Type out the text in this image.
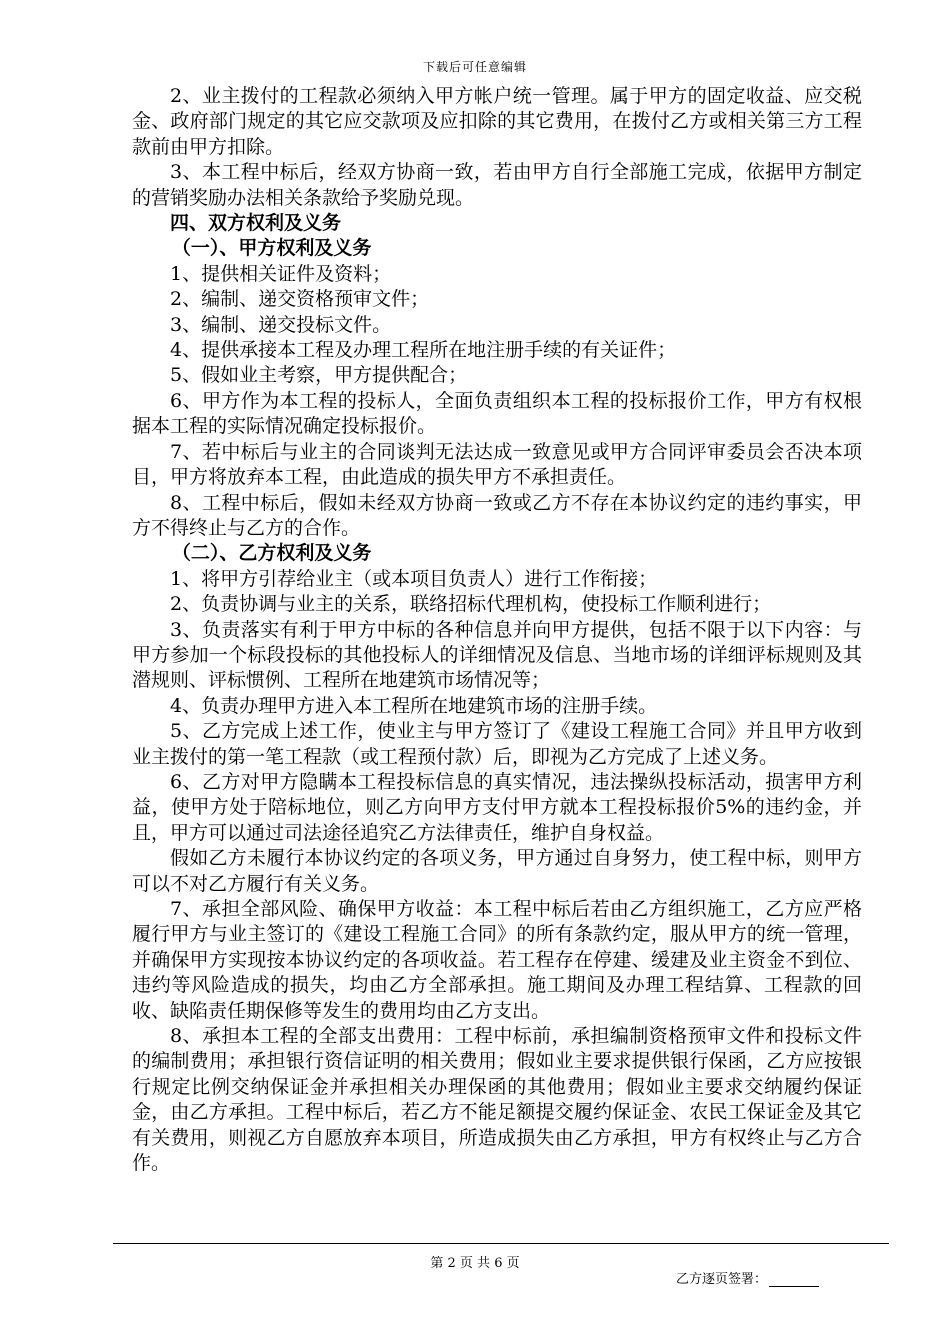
下载后可任意编辑

2、业主拨付的工程款必须纳入甲方帐户统一管理。属于甲方的固定收益、应交税金、政府部门规定的其它应交款项及应扣除的其它费用，在拨付乙方或相关第三方工程款前由甲方扣除。

3、本工程中标后，经双方协商一致，若由甲方自行全部施工完成，依据甲方制定的营销奖励办法相关条款给予奖励兑现。

四、双方权利及义务

（一）、甲方权利及义务

1、提供相关证件及资料；

2、编制、递交资格预审文件；

3、编制、递交投标文件。

4、提供承接本工程及办理工程所在地注册手续的有关证件；

5、假如业主考察，甲方提供配合；

6、甲方作为本工程的投标人，全面负责组织本工程的投标报价工作，甲方有权根据本工程的实际情况确定投标报价。

7、若中标后与业主的合同谈判无法达成一致意见或甲方合同评审委员会否决本项目，甲方将放弃本工程，由此造成的损失甲方不承担责任。

8、工程中标后，假如未经双方协商一致或乙方不存在本协议约定的违约事实，甲方不得终止与乙方的合作。

（二）、乙方权利及义务

1、将甲方引荐给业主（或本项目负责人）进行工作衔接；

2、负责协调与业主的关系，联络招标代理机构，使投标工作顺利进行；

3、负责落实有利于甲方中标的各种信息并向甲方提供，包括不限于以下内容：与甲方参加一个标段投标的其他投标人的详细情况及信息、当地市场的详细评标规则及其潜规则、评标惯例、工程所在地建筑市场情况等；

4、负责办理甲方进入本工程所在地建筑市场的注册手续。

5、乙方完成上述工作，使业主与甲方签订了《建设工程施工合同》并且甲方收到业主拨付的第一笔工程款（或工程预付款）后，即视为乙方完成了上述义务。

6、乙方对甲方隐瞒本工程投标信息的真实情况，违法操纵投标活动，损害甲方利益，使甲方处于陪标地位，则乙方向甲方支付甲方就本工程投标报价5%的违约金，并且，甲方可以通过司法途径追究乙方法律责任，维护自身权益。

假如乙方未履行本协议约定的各项义务，甲方通过自身努力，使工程中标，则甲方可以不对乙方履行有关义务。

7、承担全部风险、确保甲方收益：本工程中标后若由乙方组织施工，乙方应严格履行甲方与业主签订的《建设工程施工合同》的所有条款约定，服从甲方的统一管理，并确保甲方实现按本协议约定的各项收益。若工程存在停建、缓建及业主资金不到位、违约等风险造成的损失，均由乙方全部承担。施工期间及办理工程结算、工程款的回收、缺陷责任期保修等发生的费用均由乙方支出。

8、承担本工程的全部支出费用：工程中标前，承担编制资格预审文件和投标文件的编制费用；承担银行资信证明的相关费用；假如业主要求提供银行保函，乙方应按银行规定比例交纳保证金并承担相关办理保函的其他费用；假如业主要求交纳履约保证金，由乙方承担。工程中标后，若乙方不能足额提交履约保证金、农民工保证金及其它有关费用，则视乙方自愿放弃本项目，所造成损失由乙方承担，甲方有权终止与乙方合作。

第 2 页 共 6 页
乙方逐页签署：
